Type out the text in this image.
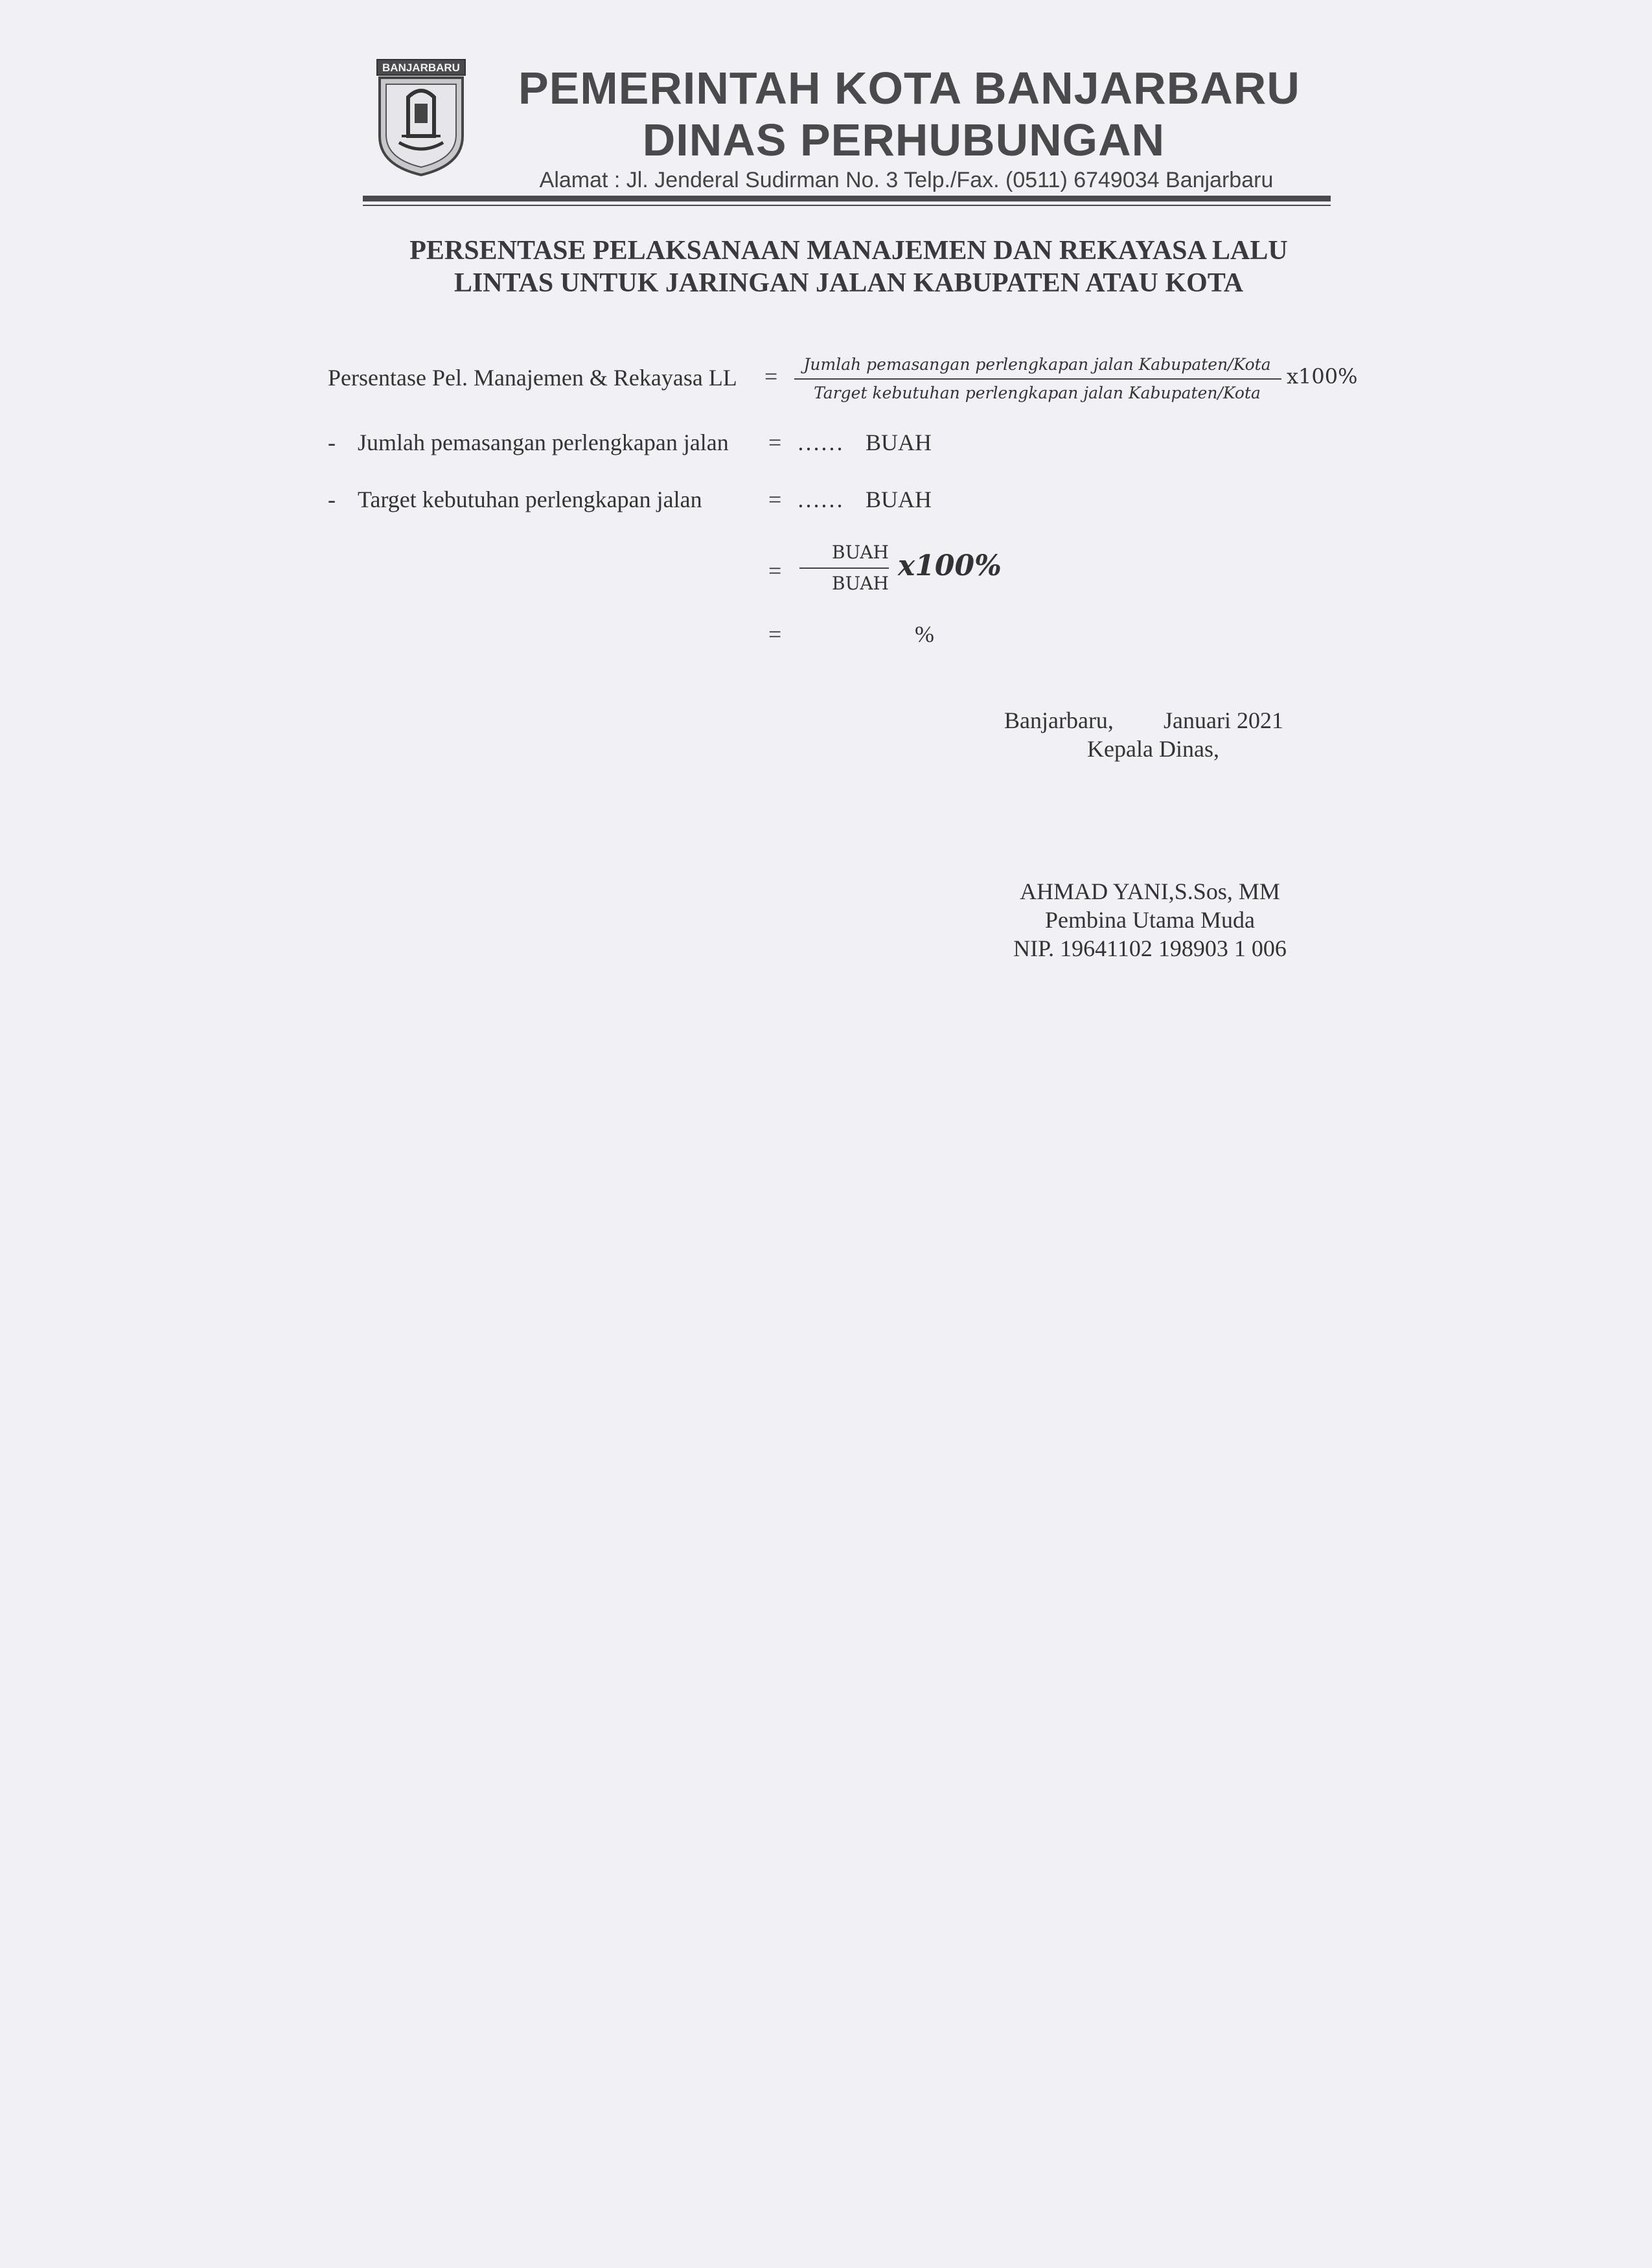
BANJARBARU PEMERINTAH KOTA BANJARBARU
DINAS PERHUBUNGAN
Alamat : Jl. Jenderal Sudirman No. 3 Telp./Fax. (0511) 6749034 Banjarbaru
PERSENTASE PELAKSANAAN MANAJEMEN DAN REKAYASA LALU
LINTAS UNTUK JARINGAN JALAN KABUPATEN ATAU KOTA
Persentase Pel. Manajemen & Rekayasa LL =	Jumlah pemasangan perlengkapan jalan Kabupaten/Kota
Target kebutuhan perlengkapan jalan Kabupaten/Kota
x100%
- Jumlah pemasangan perlengkapan jalan = …… BUAH
- Target kebutuhan perlengkapan jalan	= …… BUAH
=
BUAH
BUAH
x100%
=	%
Banjarbaru, Januari 2021
Kepala Dinas,
AHMAD YANI,S.Sos, MM
Pembina Utama Muda
NIP. 19641102 198903 1 006
